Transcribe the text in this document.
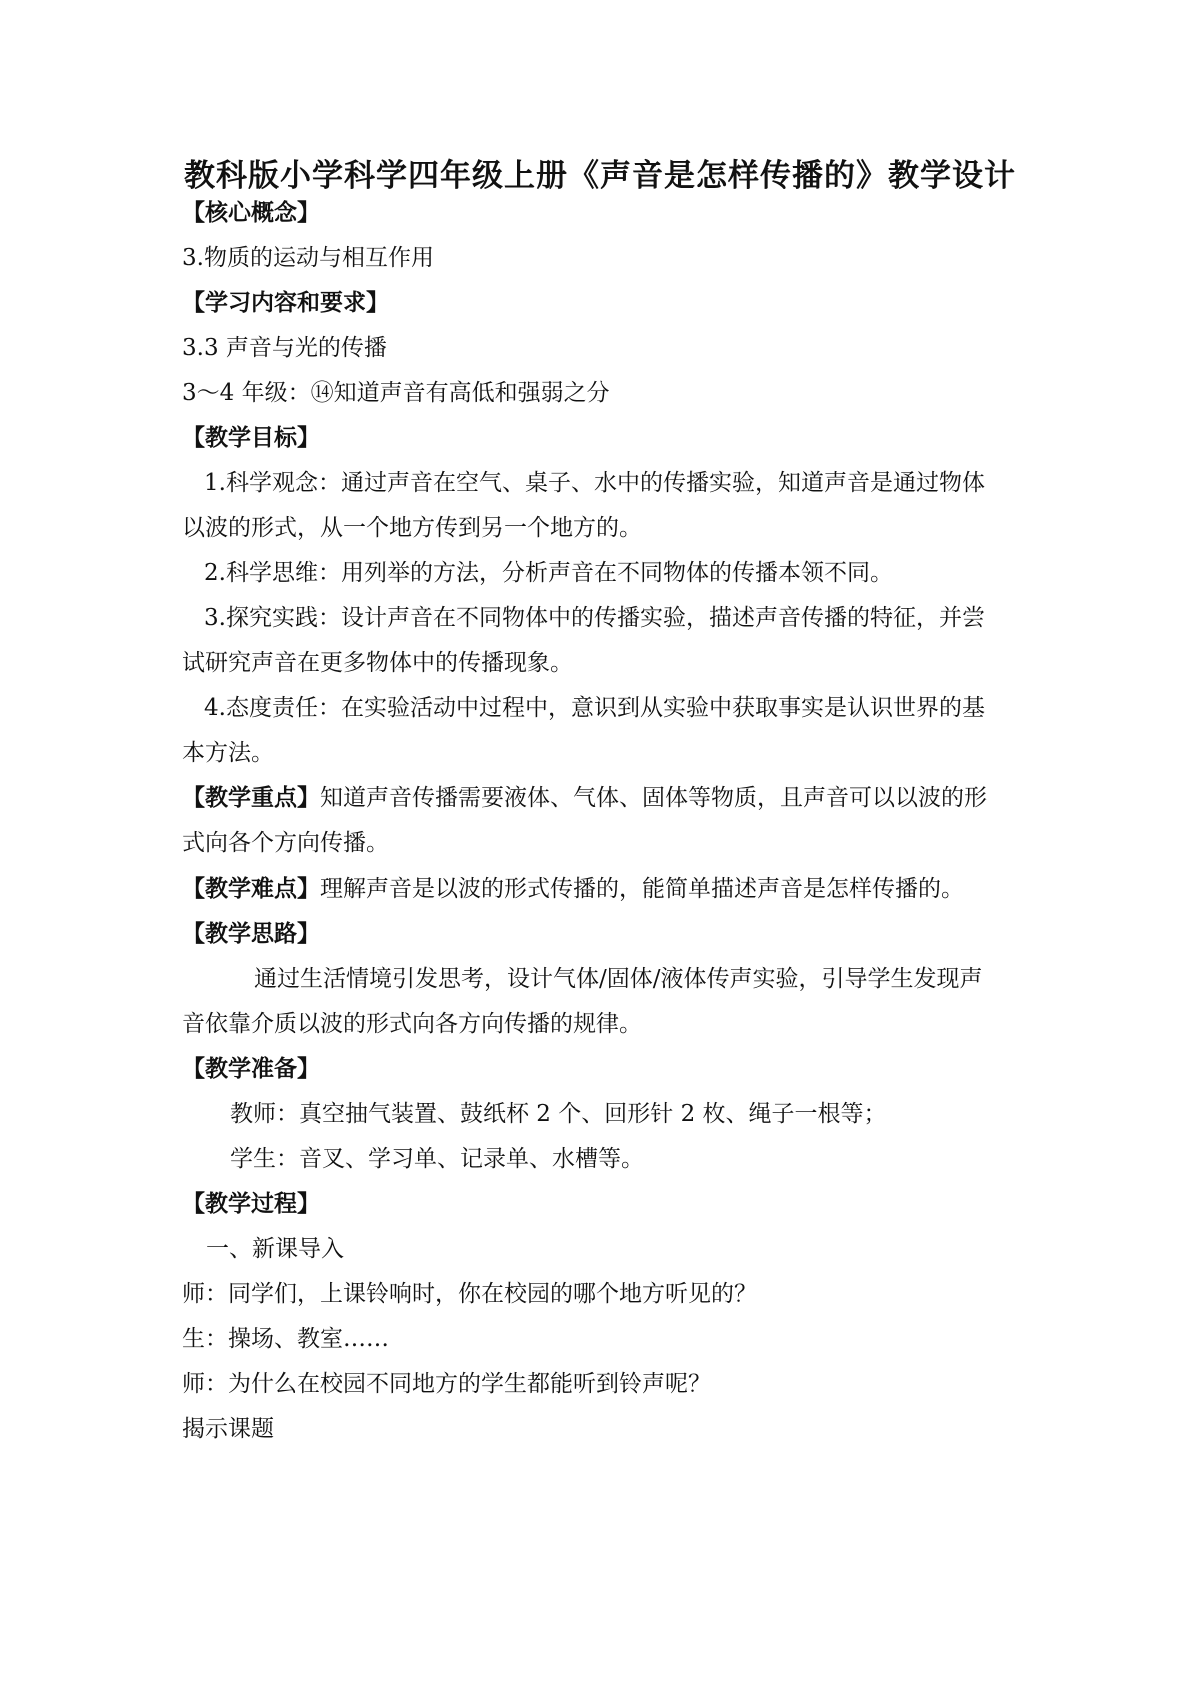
教科版小学科学四年级上册《声音是怎样传播的》教学设计
【核心概念】
3.物质的运动与相互作用
【学习内容和要求】
3.3 声音与光的传播
3～4 年级：⑭知道声音有高低和强弱之分
【教学目标】
1.科学观念：通过声音在空气、桌子、水中的传播实验，知道声音是通过物体
以波的形式，从一个地方传到另一个地方的。
2.科学思维：用列举的方法，分析声音在不同物体的传播本领不同。
3.探究实践：设计声音在不同物体中的传播实验，描述声音传播的特征，并尝
试研究声音在更多物体中的传播现象。
4.态度责任：在实验活动中过程中，意识到从实验中获取事实是认识世界的基
本方法。
【教学重点】知道声音传播需要液体、气体、固体等物质，且声音可以以波的形
式向各个方向传播。
【教学难点】理解声音是以波的形式传播的，能简单描述声音是怎样传播的。
【教学思路】
通过生活情境引发思考，设计气体/固体/液体传声实验，引导学生发现声
音依靠介质以波的形式向各方向传播的规律。
【教学准备】
教师：真空抽气装置、鼓纸杯 2 个、回形针 2 枚、绳子一根等；
学生：音叉、学习单、记录单、水槽等。
【教学过程】
一、新课导入
师：同学们，上课铃响时，你在校园的哪个地方听见的？
生：操场、教室……
师：为什么在校园不同地方的学生都能听到铃声呢？
揭示课题
